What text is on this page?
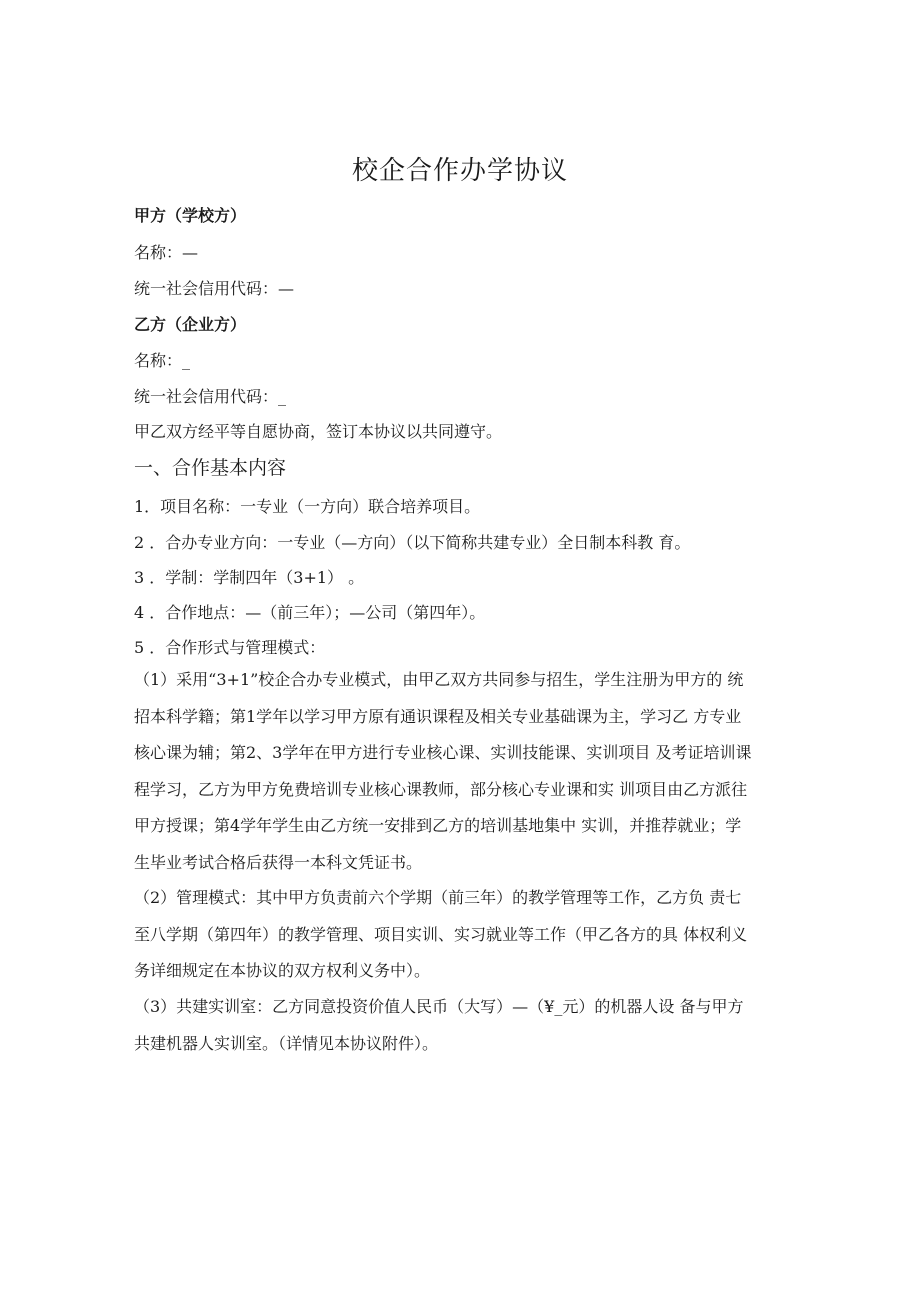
校企合作办学协议
甲方（学校方）
名称：—
统一社会信用代码：—
乙方（企业方）
名称：_
统一社会信用代码：_
甲乙双方经平等自愿协商，签订本协议以共同遵守。
一、合作基本内容
1．项目名称：一专业（一方向）联合培养项目。
2 ．合办专业方向：一专业（—方向）（以下简称共建专业）全日制本科教 育。
3 ．学制：学制四年（3+1） 。
4 ．合作地点：—（前三年）；—公司（第四年）。
5 ．合作形式与管理模式：
（1）采用“3+1”校企合办专业模式，由甲乙双方共同参与招生，学生注册为甲方的 统
招本科学籍；第1学年以学习甲方原有通识课程及相关专业基础课为主，学习乙 方专业
核心课为辅；第2、3学年在甲方进行专业核心课、实训技能课、实训项目 及考证培训课
程学习，乙方为甲方免费培训专业核心课教师，部分核心专业课和实 训项目由乙方派往
甲方授课；第4学年学生由乙方统一安排到乙方的培训基地集中 实训，并推荐就业；学
生毕业考试合格后获得一本科文凭证书。
（2）管理模式：其中甲方负责前六个学期（前三年）的教学管理等工作，乙方负 责七
至八学期（第四年）的教学管理、项目实训、实习就业等工作（甲乙各方的具 体权利义
务详细规定在本协议的双方权利义务中）。
（3）共建实训室：乙方同意投资价值人民币（大写）—（¥_元）的机器人设 备与甲方
共建机器人实训室。（详情见本协议附件）。
